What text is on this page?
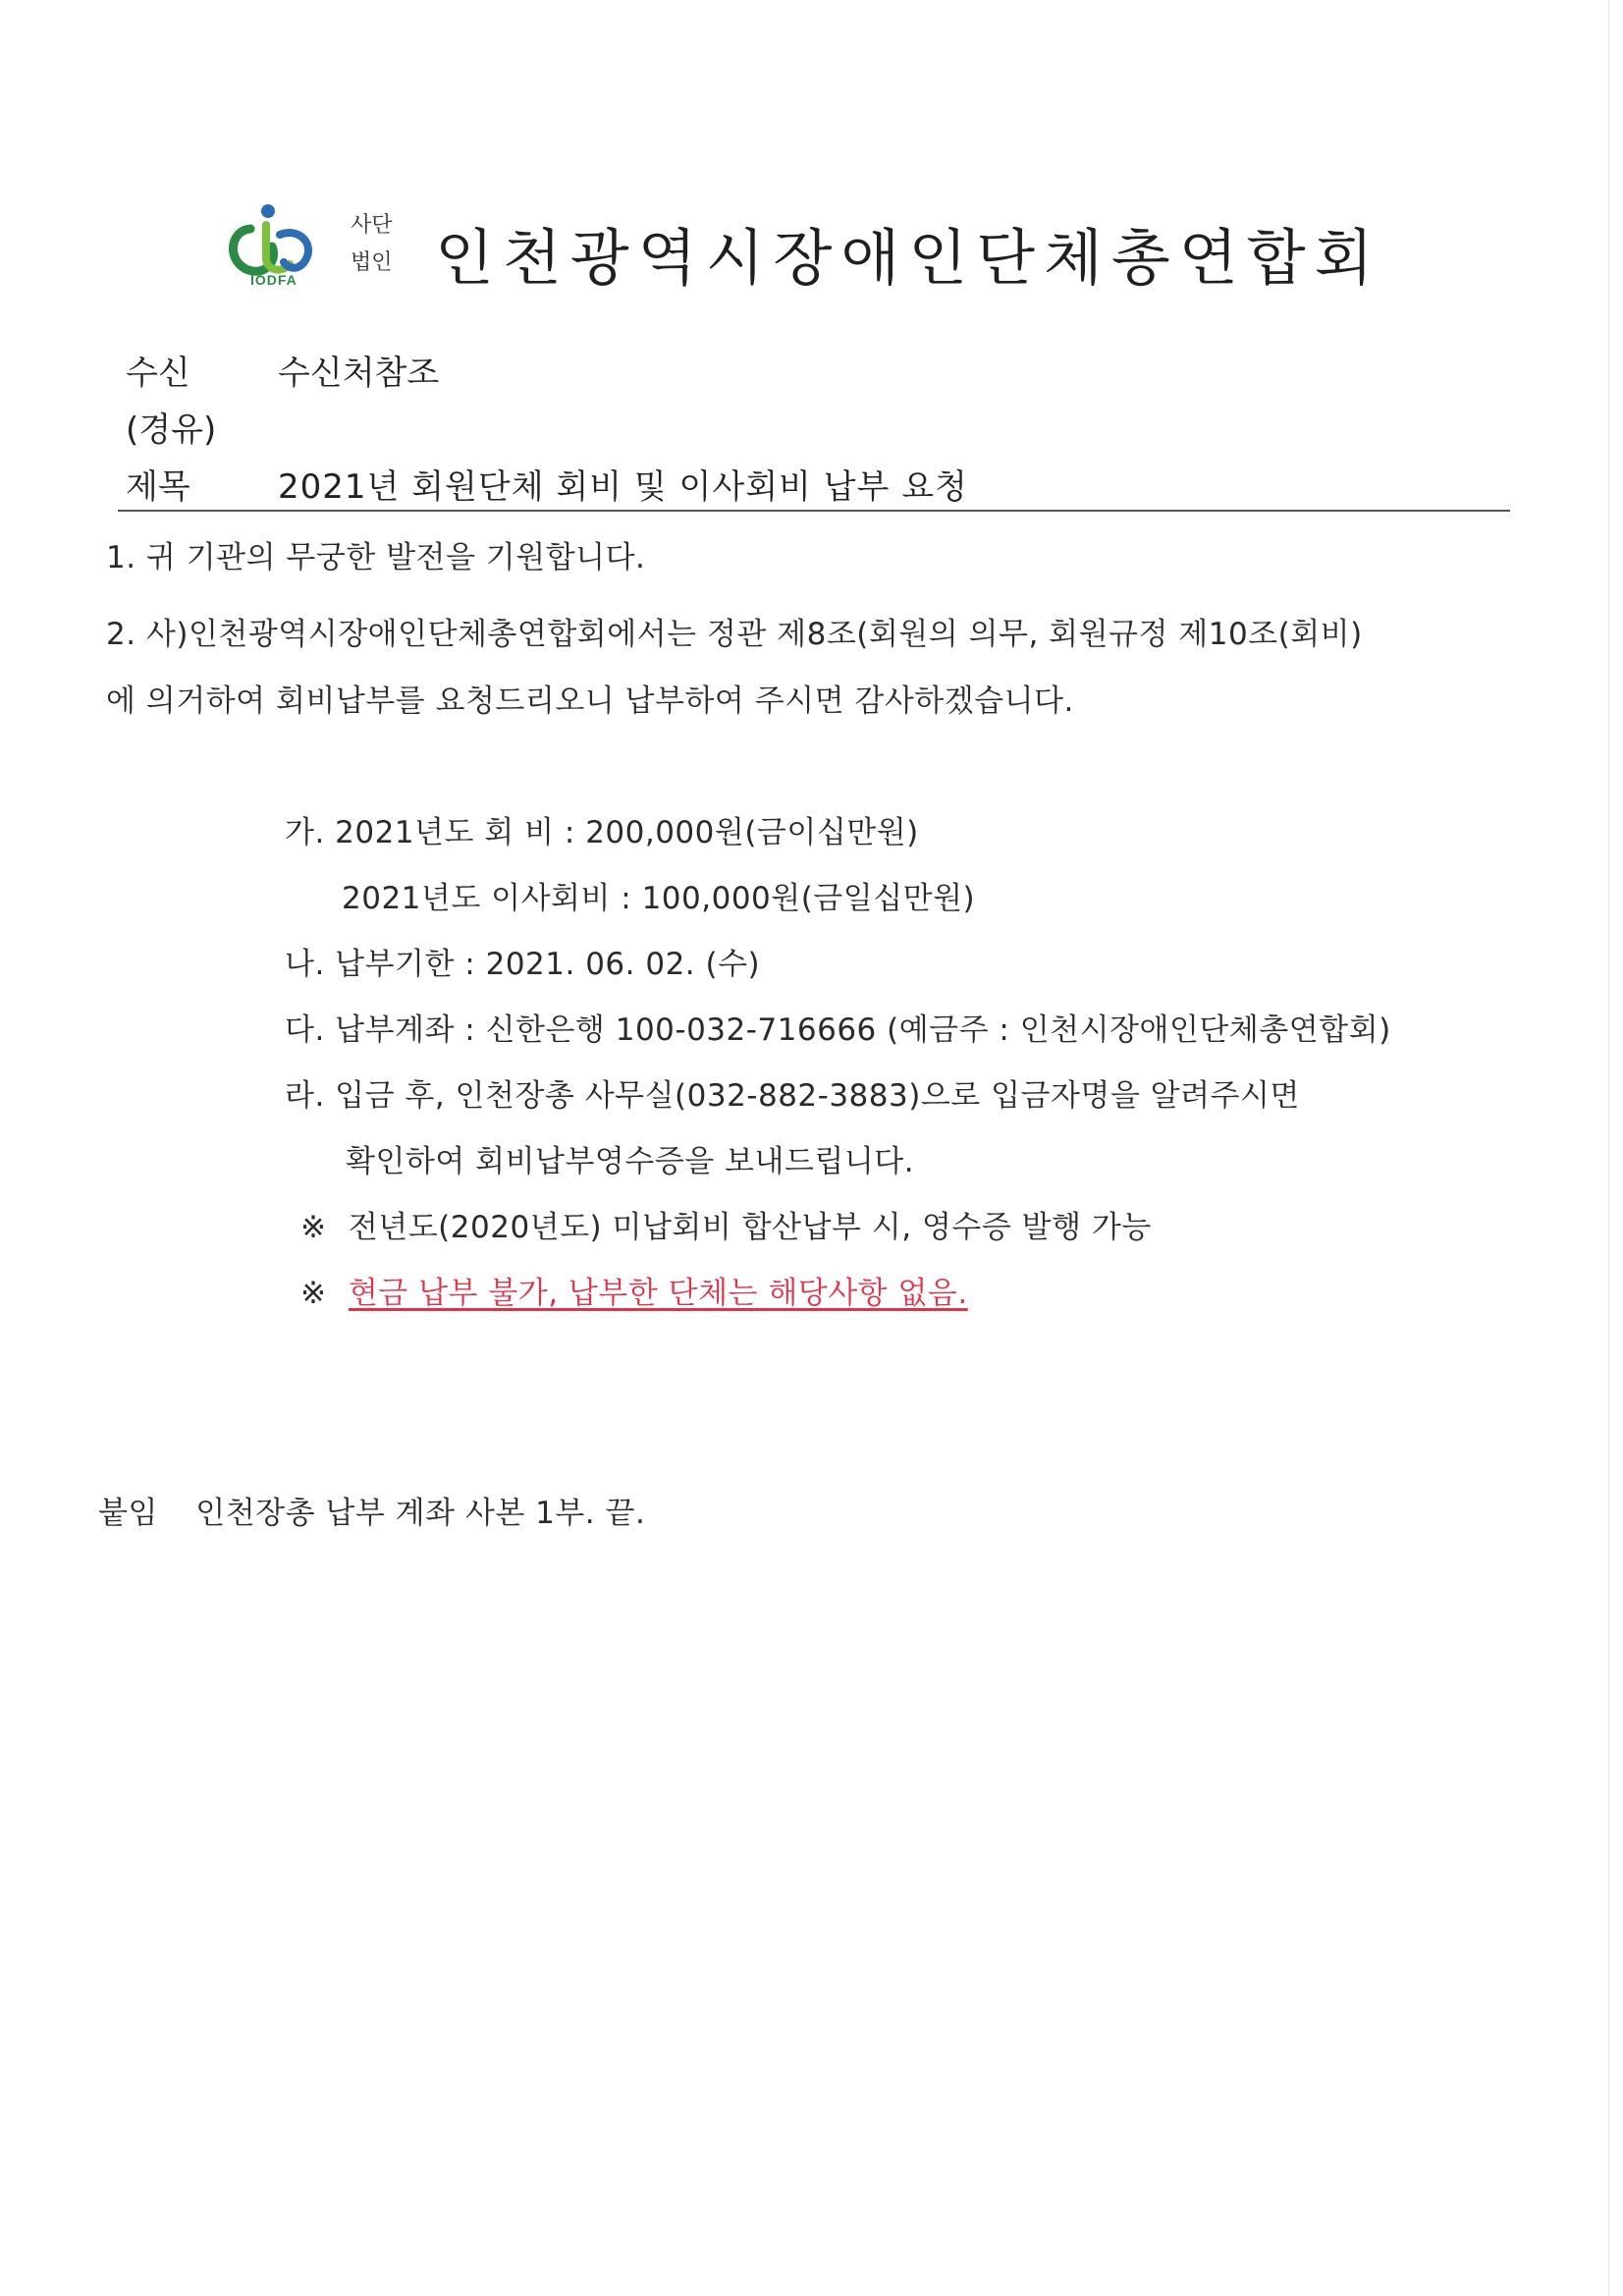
IODFA
사단
법인 인천광역시장애인단체총연합회
수신	수신처참조
(경유)
제목	2021년 회원단체 회비 및 이사회비 납부 요청
1. 귀 기관의 무궁한 발전을 기원합니다.
2. 사)인천광역시장애인단체총연합회에서는 정관 제8조(회원의 의무, 회원규정 제10조(회비)
에 의거하여 회비납부를 요청드리오니 납부하여 주시면 감사하겠습니다.
가. 2021년도 회 비 : 200,000원(금이십만원)
2021년도 이사회비 : 100,000원(금일십만원)
나. 납부기한 : 2021. 06. 02. (수)
다. 납부계좌 : 신한은행 100-032-716666 (예금주 : 인천시장애인단체총연합회)
라. 입금 후, 인천장총 사무실(032-882-3883)으로 입금자명을 알려주시면
확인하여 회비납부영수증을 보내드립니다.
※ 전년도(2020년도) 미납회비 합산납부 시, 영수증 발행 가능
※ 현금 납부 불가, 납부한 단체는 해당사항 없음.
붙임 인천장총 납부 계좌 사본 1부. 끝.
